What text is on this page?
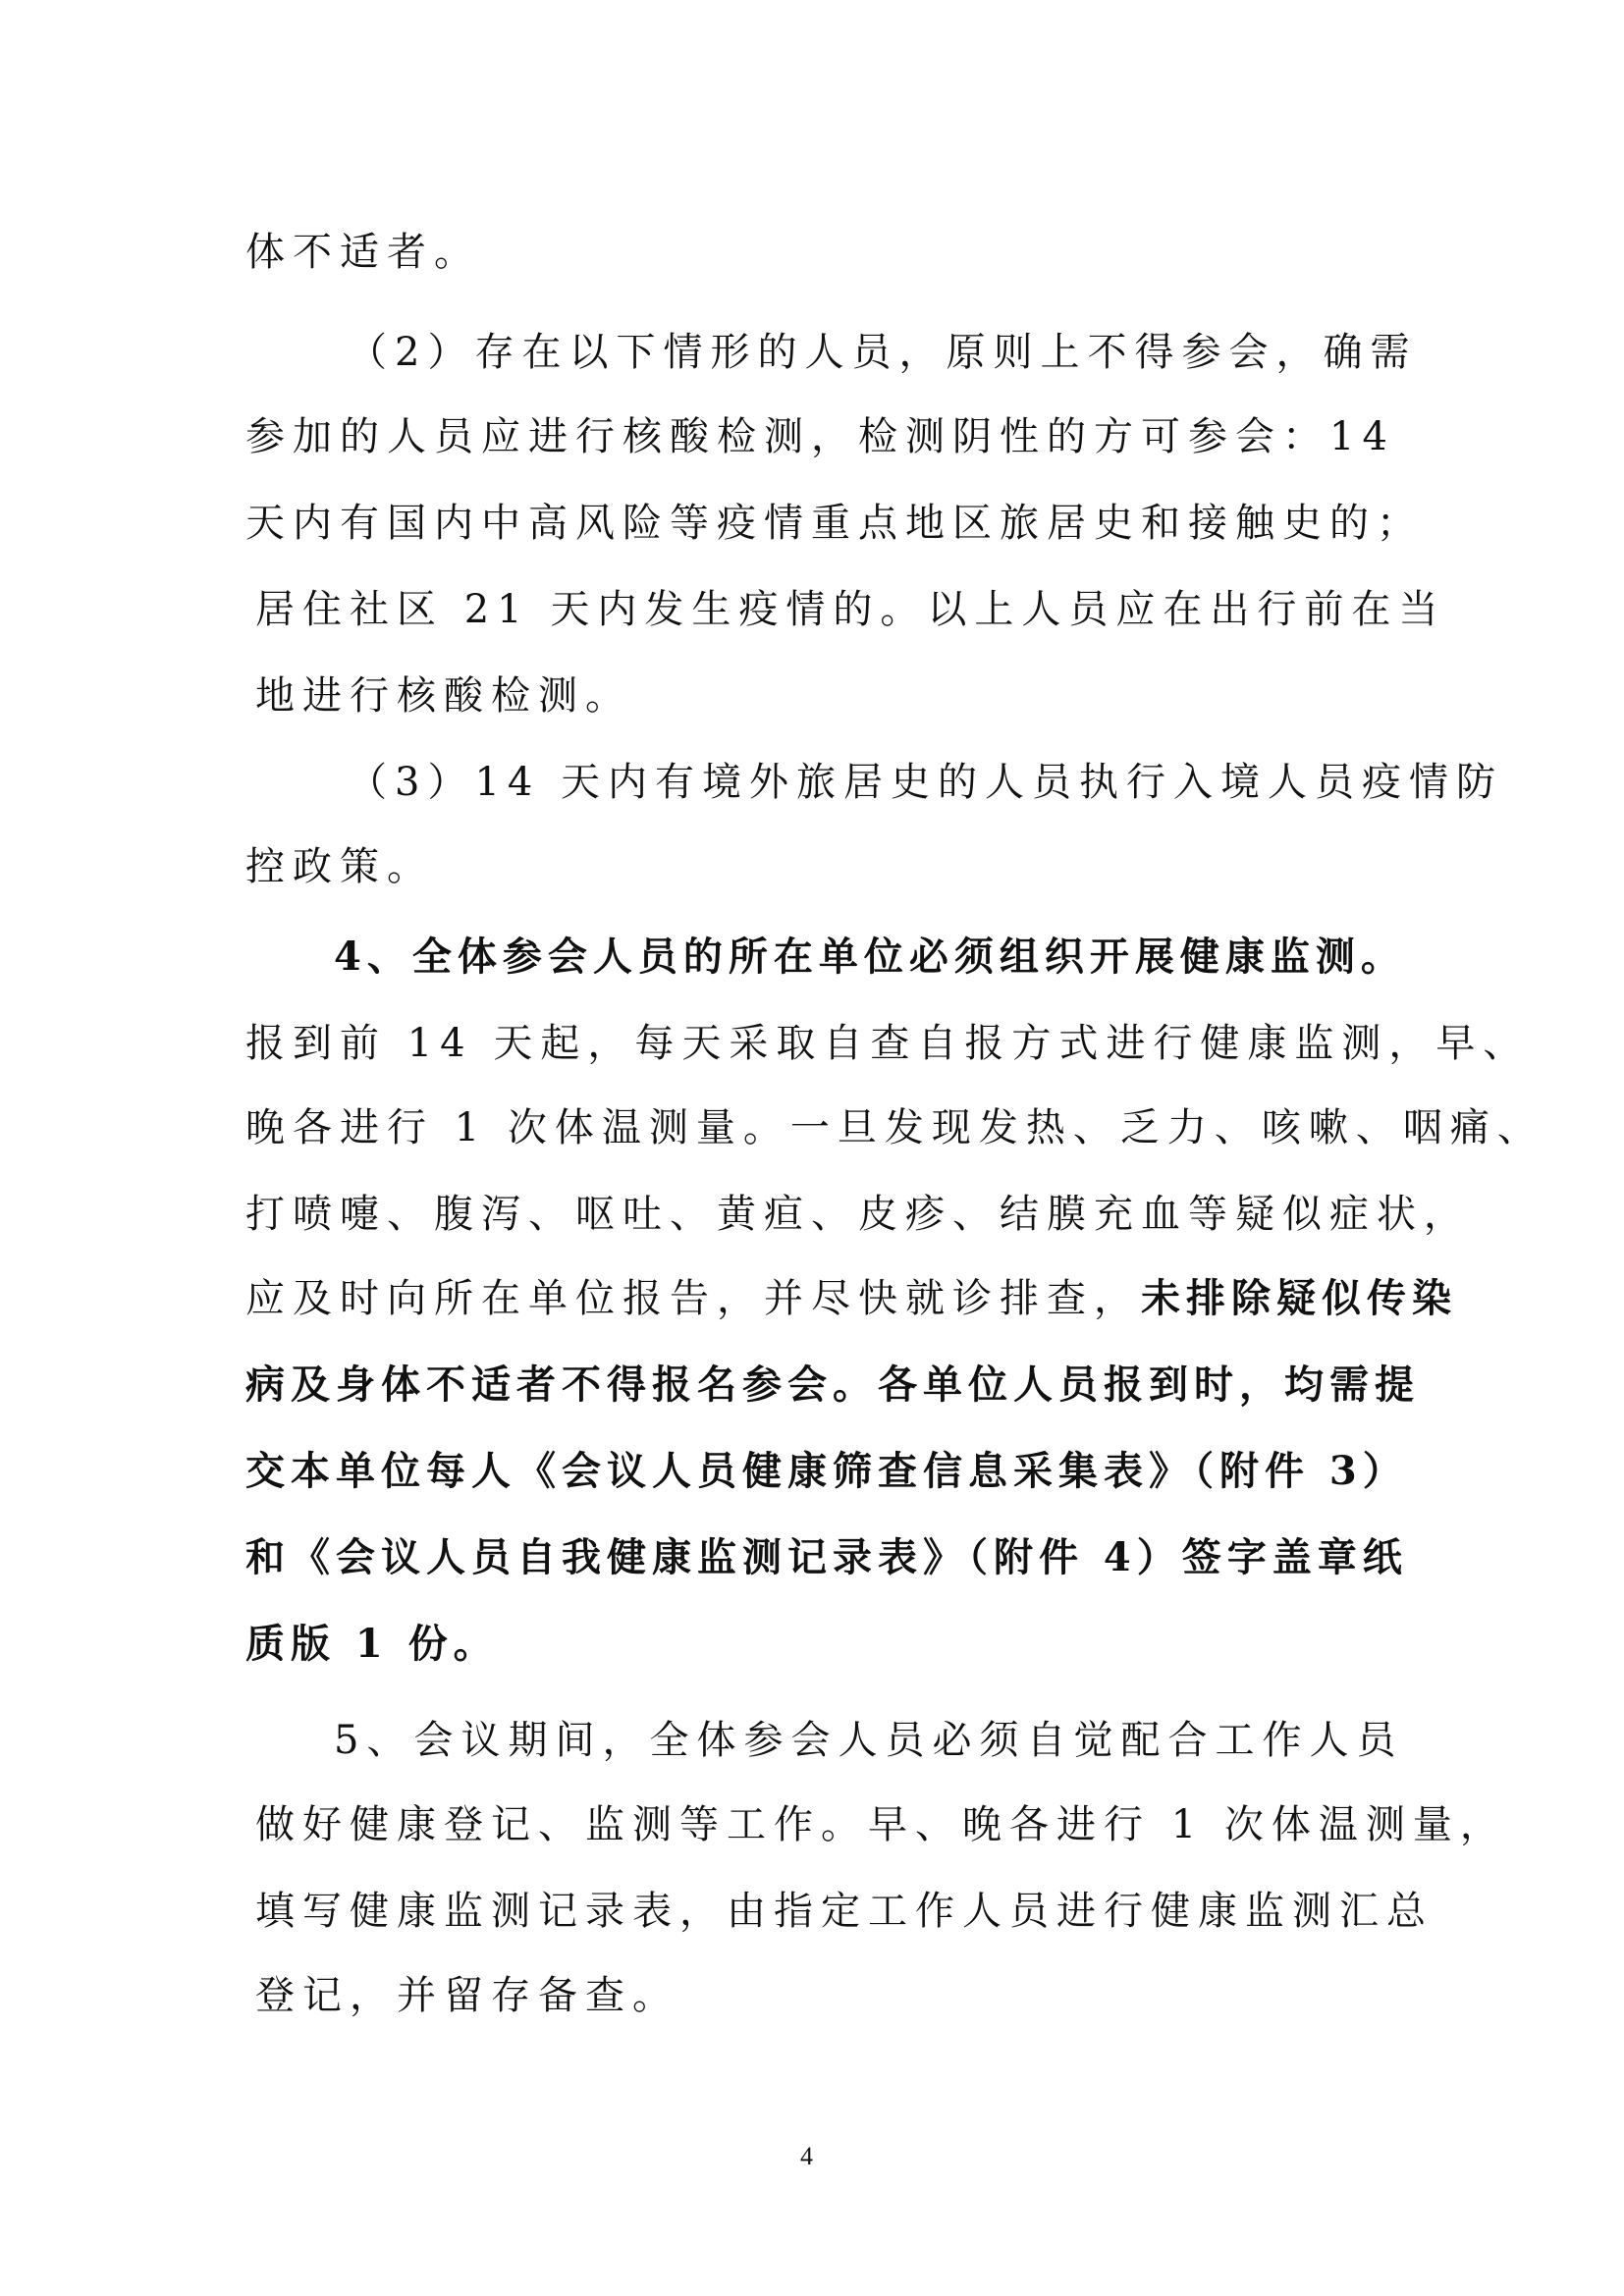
体不适者。
（2）存在以下情形的人员，原则上不得参会，确需
参加的人员应进行核酸检测，检测阴性的方可参会：14
天内有国内中高风险等疫情重点地区旅居史和接触史的；
居住社区 21 天内发生疫情的。以上人员应在出行前在当
地进行核酸检测。
（3）14 天内有境外旅居史的人员执行入境人员疫情防
控政策。
4、全体参会人员的所在单位必须组织开展健康监测。
报到前 14 天起，每天采取自查自报方式进行健康监测，早、
晚各进行 1 次体温测量。一旦发现发热、乏力、咳嗽、咽痛、
打喷嚏、腹泻、呕吐、黄疸、皮疹、结膜充血等疑似症状，
应及时向所在单位报告，并尽快就诊排查，未排除疑似传染
病及身体不适者不得报名参会。各单位人员报到时，均需提
交本单位每人《会议人员健康筛查信息采集表》（附件 3）
和《会议人员自我健康监测记录表》（附件 4）签字盖章纸
质版 1 份。
5、会议期间，全体参会人员必须自觉配合工作人员
做好健康登记、监测等工作。早、晚各进行 1 次体温测量，
填写健康监测记录表，由指定工作人员进行健康监测汇总
登记，并留存备查。
4
